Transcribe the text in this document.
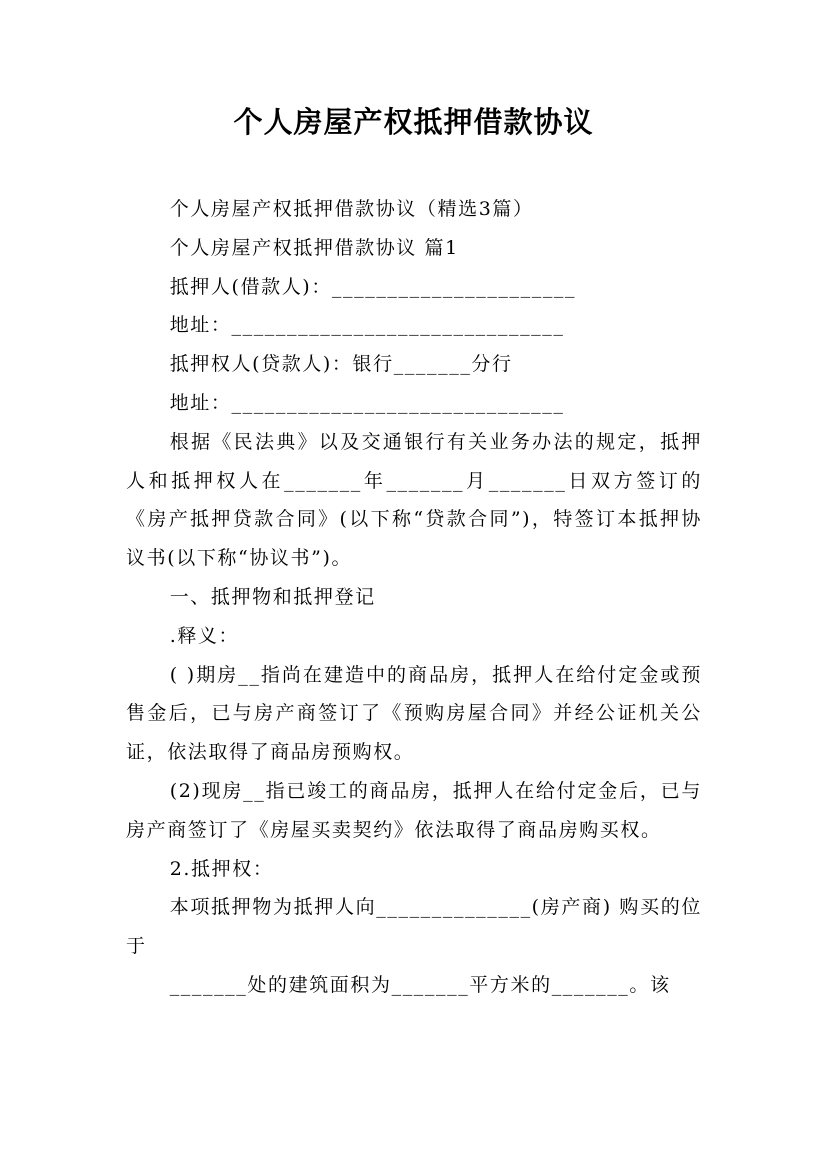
个人房屋产权抵押借款协议

个人房屋产权抵押借款协议（精选3篇）

个人房屋产权抵押借款协议 篇1

抵押人(借款人)：______________________

地址：______________________________

抵押权人(贷款人)：银行_______分行

地址：______________________________

根据《民法典》以及交通银行有关业务办法的规定，抵押人和抵押权人在_______年_______月_______日双方签订的《房产抵押贷款合同》(以下称“贷款合同”)，特签订本抵押协议书(以下称“协议书”)。

一、抵押物和抵押登记

.释义：

( )期房__指尚在建造中的商品房，抵押人在给付定金或预售金后，已与房产商签订了《预购房屋合同》并经公证机关公证，依法取得了商品房预购权。

(2)现房__指已竣工的商品房，抵押人在给付定金后，已与房产商签订了《房屋买卖契约》依法取得了商品房购买权。

2.抵押权：

本项抵押物为抵押人向______________(房产商) 购买的位于

_______处的建筑面积为_______平方米的_______。该
